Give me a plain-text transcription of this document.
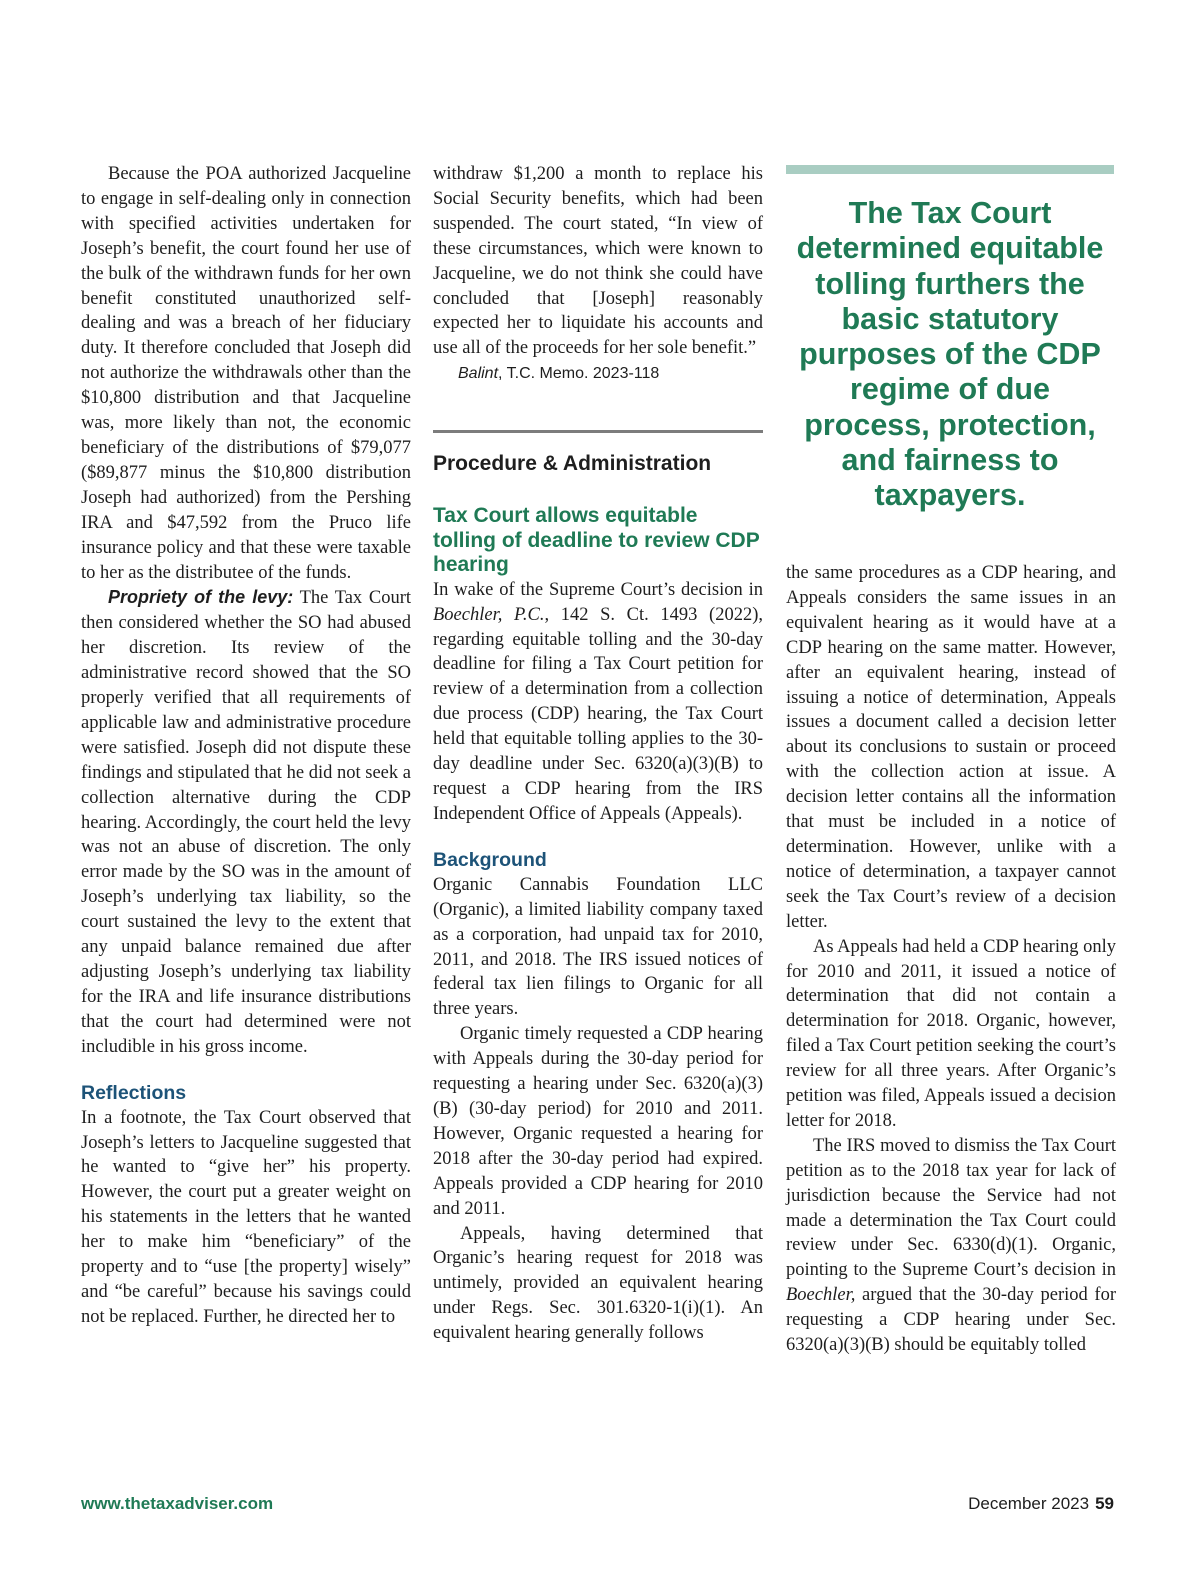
Because the POA authorized Jacqueline to engage in self-dealing only in connection with specified activities undertaken for Joseph’s benefit, the court found her use of the bulk of the withdrawn funds for her own benefit constituted unauthorized self-dealing and was a breach of her fiduciary duty. It therefore concluded that Joseph did not authorize the withdrawals other than the $10,800 distribution and that Jacqueline was, more likely than not, the economic beneficiary of the distributions of $79,077 ($89,877 minus the $10,800 distribution Joseph had authorized) from the Pershing IRA and $47,592 from the Pruco life insurance policy and that these were taxable to her as the distributee of the funds.

Propriety of the levy: The Tax Court then considered whether the SO had abused her discretion. Its review of the administrative record showed that the SO properly verified that all requirements of applicable law and administrative procedure were satisfied. Joseph did not dispute these findings and stipulated that he did not seek a collection alternative during the CDP hearing. Accordingly, the court held the levy was not an abuse of discretion. The only error made by the SO was in the amount of Joseph’s underlying tax liability, so the court sustained the levy to the extent that any unpaid balance remained due after adjusting Joseph’s underlying tax liability for the IRA and life insurance distributions that the court had determined were not includible in his gross income.

Reflections

In a footnote, the Tax Court observed that Joseph’s letters to Jacqueline suggested that he wanted to “give her” his property. However, the court put a greater weight on his statements in the letters that he wanted her to make him “beneficiary” of the property and to “use [the property] wisely” and “be careful” because his savings could not be replaced. Further, he directed her to

withdraw $1,200 a month to replace his Social Security benefits, which had been suspended. The court stated, “In view of these circumstances, which were known to Jacqueline, we do not think she could have concluded that [Joseph] reasonably expected her to liquidate his accounts and use all of the proceeds for her sole benefit.”

Balint, T.C. Memo. 2023-118
Procedure & Administration
Tax Court allows equitable tolling of deadline to review CDP hearing

In wake of the Supreme Court’s decision in Boechler, P.C., 142 S. Ct. 1493 (2022), regarding equitable tolling and the 30-day deadline for filing a Tax Court petition for review of a determination from a collection due process (CDP) hearing, the Tax Court held that equitable tolling applies to the 30-day deadline under Sec. 6320(a)(3)(B) to request a CDP hearing from the IRS Independent Office of Appeals (Appeals).

Background

Organic Cannabis Foundation LLC (Organic), a limited liability company taxed as a corporation, had unpaid tax for 2010, 2011, and 2018. The IRS issued notices of federal tax lien filings to Organic for all three years.

Organic timely requested a CDP hearing with Appeals during the 30-day period for requesting a hearing under Sec. 6320(a)(3)(B) (30-day period) for 2010 and 2011. However, Organic requested a hearing for 2018 after the 30-day period had expired. Appeals provided a CDP hearing for 2010 and 2011.

Appeals, having determined that Organic’s hearing request for 2018 was untimely, provided an equivalent hearing under Regs. Sec. 301.6320-1(i)(1). An equivalent hearing generally follows

The Tax Court determined equitable tolling furthers the basic statutory purposes of the CDP regime of due process, protection, and fairness to taxpayers.

the same procedures as a CDP hearing, and Appeals considers the same issues in an equivalent hearing as it would have at a CDP hearing on the same matter. However, after an equivalent hearing, instead of issuing a notice of determination, Appeals issues a document called a decision letter about its conclusions to sustain or proceed with the collection action at issue. A decision letter contains all the information that must be included in a notice of determination. However, unlike with a notice of determination, a taxpayer cannot seek the Tax Court’s review of a decision letter.

As Appeals had held a CDP hearing only for 2010 and 2011, it issued a notice of determination that did not contain a determination for 2018. Organic, however, filed a Tax Court petition seeking the court’s review for all three years. After Organic’s petition was filed, Appeals issued a decision letter for 2018.

The IRS moved to dismiss the Tax Court petition as to the 2018 tax year for lack of jurisdiction because the Service had not made a determination the Tax Court could review under Sec. 6330(d)(1). Organic, pointing to the Supreme Court’s decision in Boechler, argued that the 30-day period for requesting a CDP hearing under Sec. 6320(a)(3)(B) should be equitably tolled

www.thetaxadviser.com	December 2023 59
